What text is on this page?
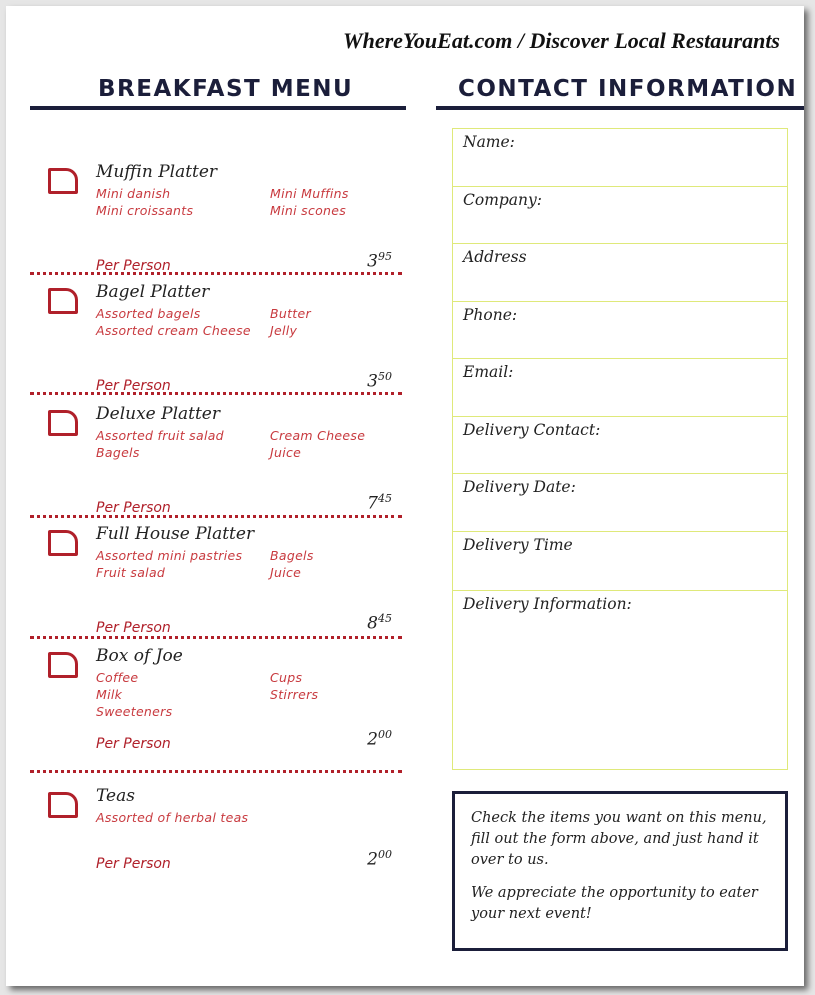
WhereYouEat.com / Discover Local Restaurants
BREAKFAST MENU	CONTACT INFORMATION
Muffin Platter
Mini danish
Mini croissants
Mini Muffins
Mini scones
Per Person	$3^{95}$
Bagel Platter
Assorted bagels
Assorted cream Cheese
Butter
Jelly
Per Person	$3^{50}$
Deluxe Platter
Assorted fruit salad
Bagels
Cream Cheese
Juice
Per Person	$7^{45}$
Full House Platter
Assorted mini pastries
Fruit salad
Bagels
Juice
Per Person	$8^{45}$
Box of Joe
Coffee
Milk
Sweeteners
Cups
Stirrers
Per Person	$2^{00}$
Teas
Assorted of herbal teas
Per Person	$2^{00}$
Name:
Company:
Address
Phone:
Email:
Delivery Contact:
Delivery Date:
Delivery Time
Delivery Information:

Check the items you want on this menu, fill out the form above, and just hand it over to us.

We appreciate the opportunity to eater your next event!
